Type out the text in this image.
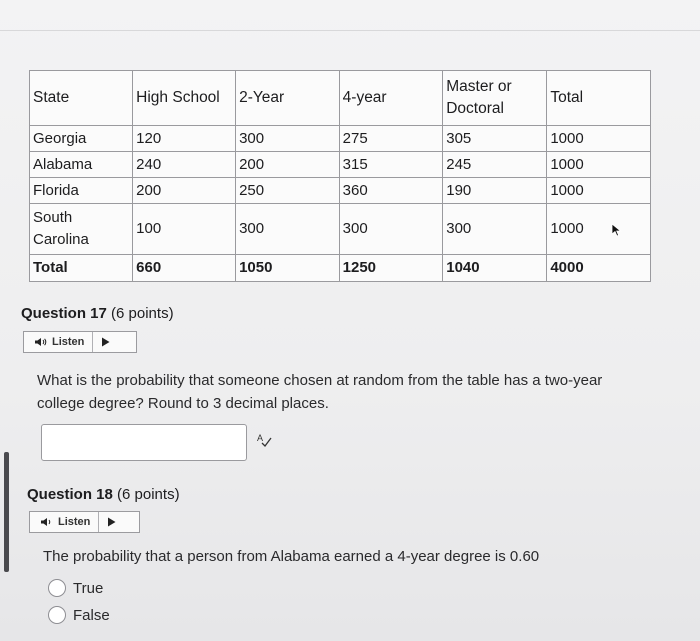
State	High School	2-Year	4-year	Master or Doctoral	Total
Georgia	120	300	275	305	1000
Alabama	240	200	315	245	1000
Florida	200	250	360	190	1000
South Carolina	100	300	300	300	1000
Total	660	1050	1250	1040	4000
Question 17 (6 points)
Listen
What is the probability that someone chosen at random from the table has a two-year college degree? Round to 3 decimal places.
A
Question 18 (6 points)
Listen
The probability that a person from Alabama earned a 4-year degree is 0.60
True
False
